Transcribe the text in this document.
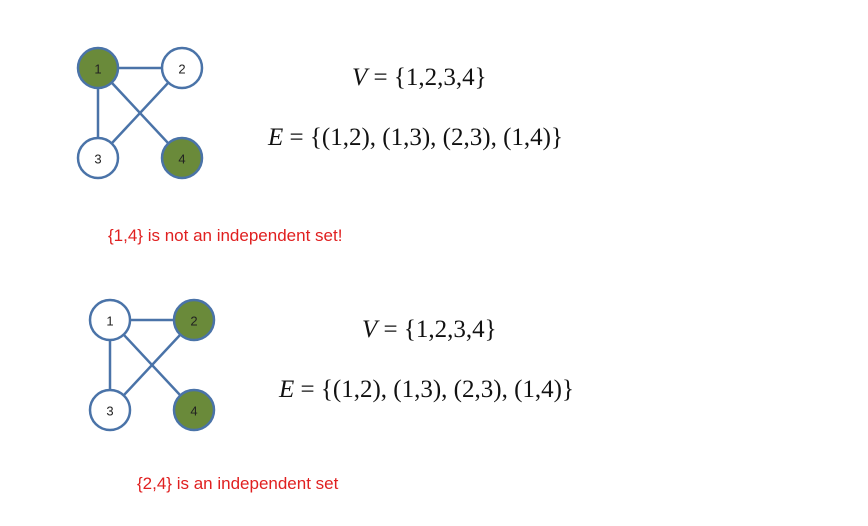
1	2
3	4
V = {1,2,3,4}
E = {(1,2), (1,3), (2,3), (1,4)}
{1,4} is not an independent set!
1	2
3	4
V = {1,2,3,4}
E = {(1,2), (1,3), (2,3), (1,4)}
{2,4} is an independent set
